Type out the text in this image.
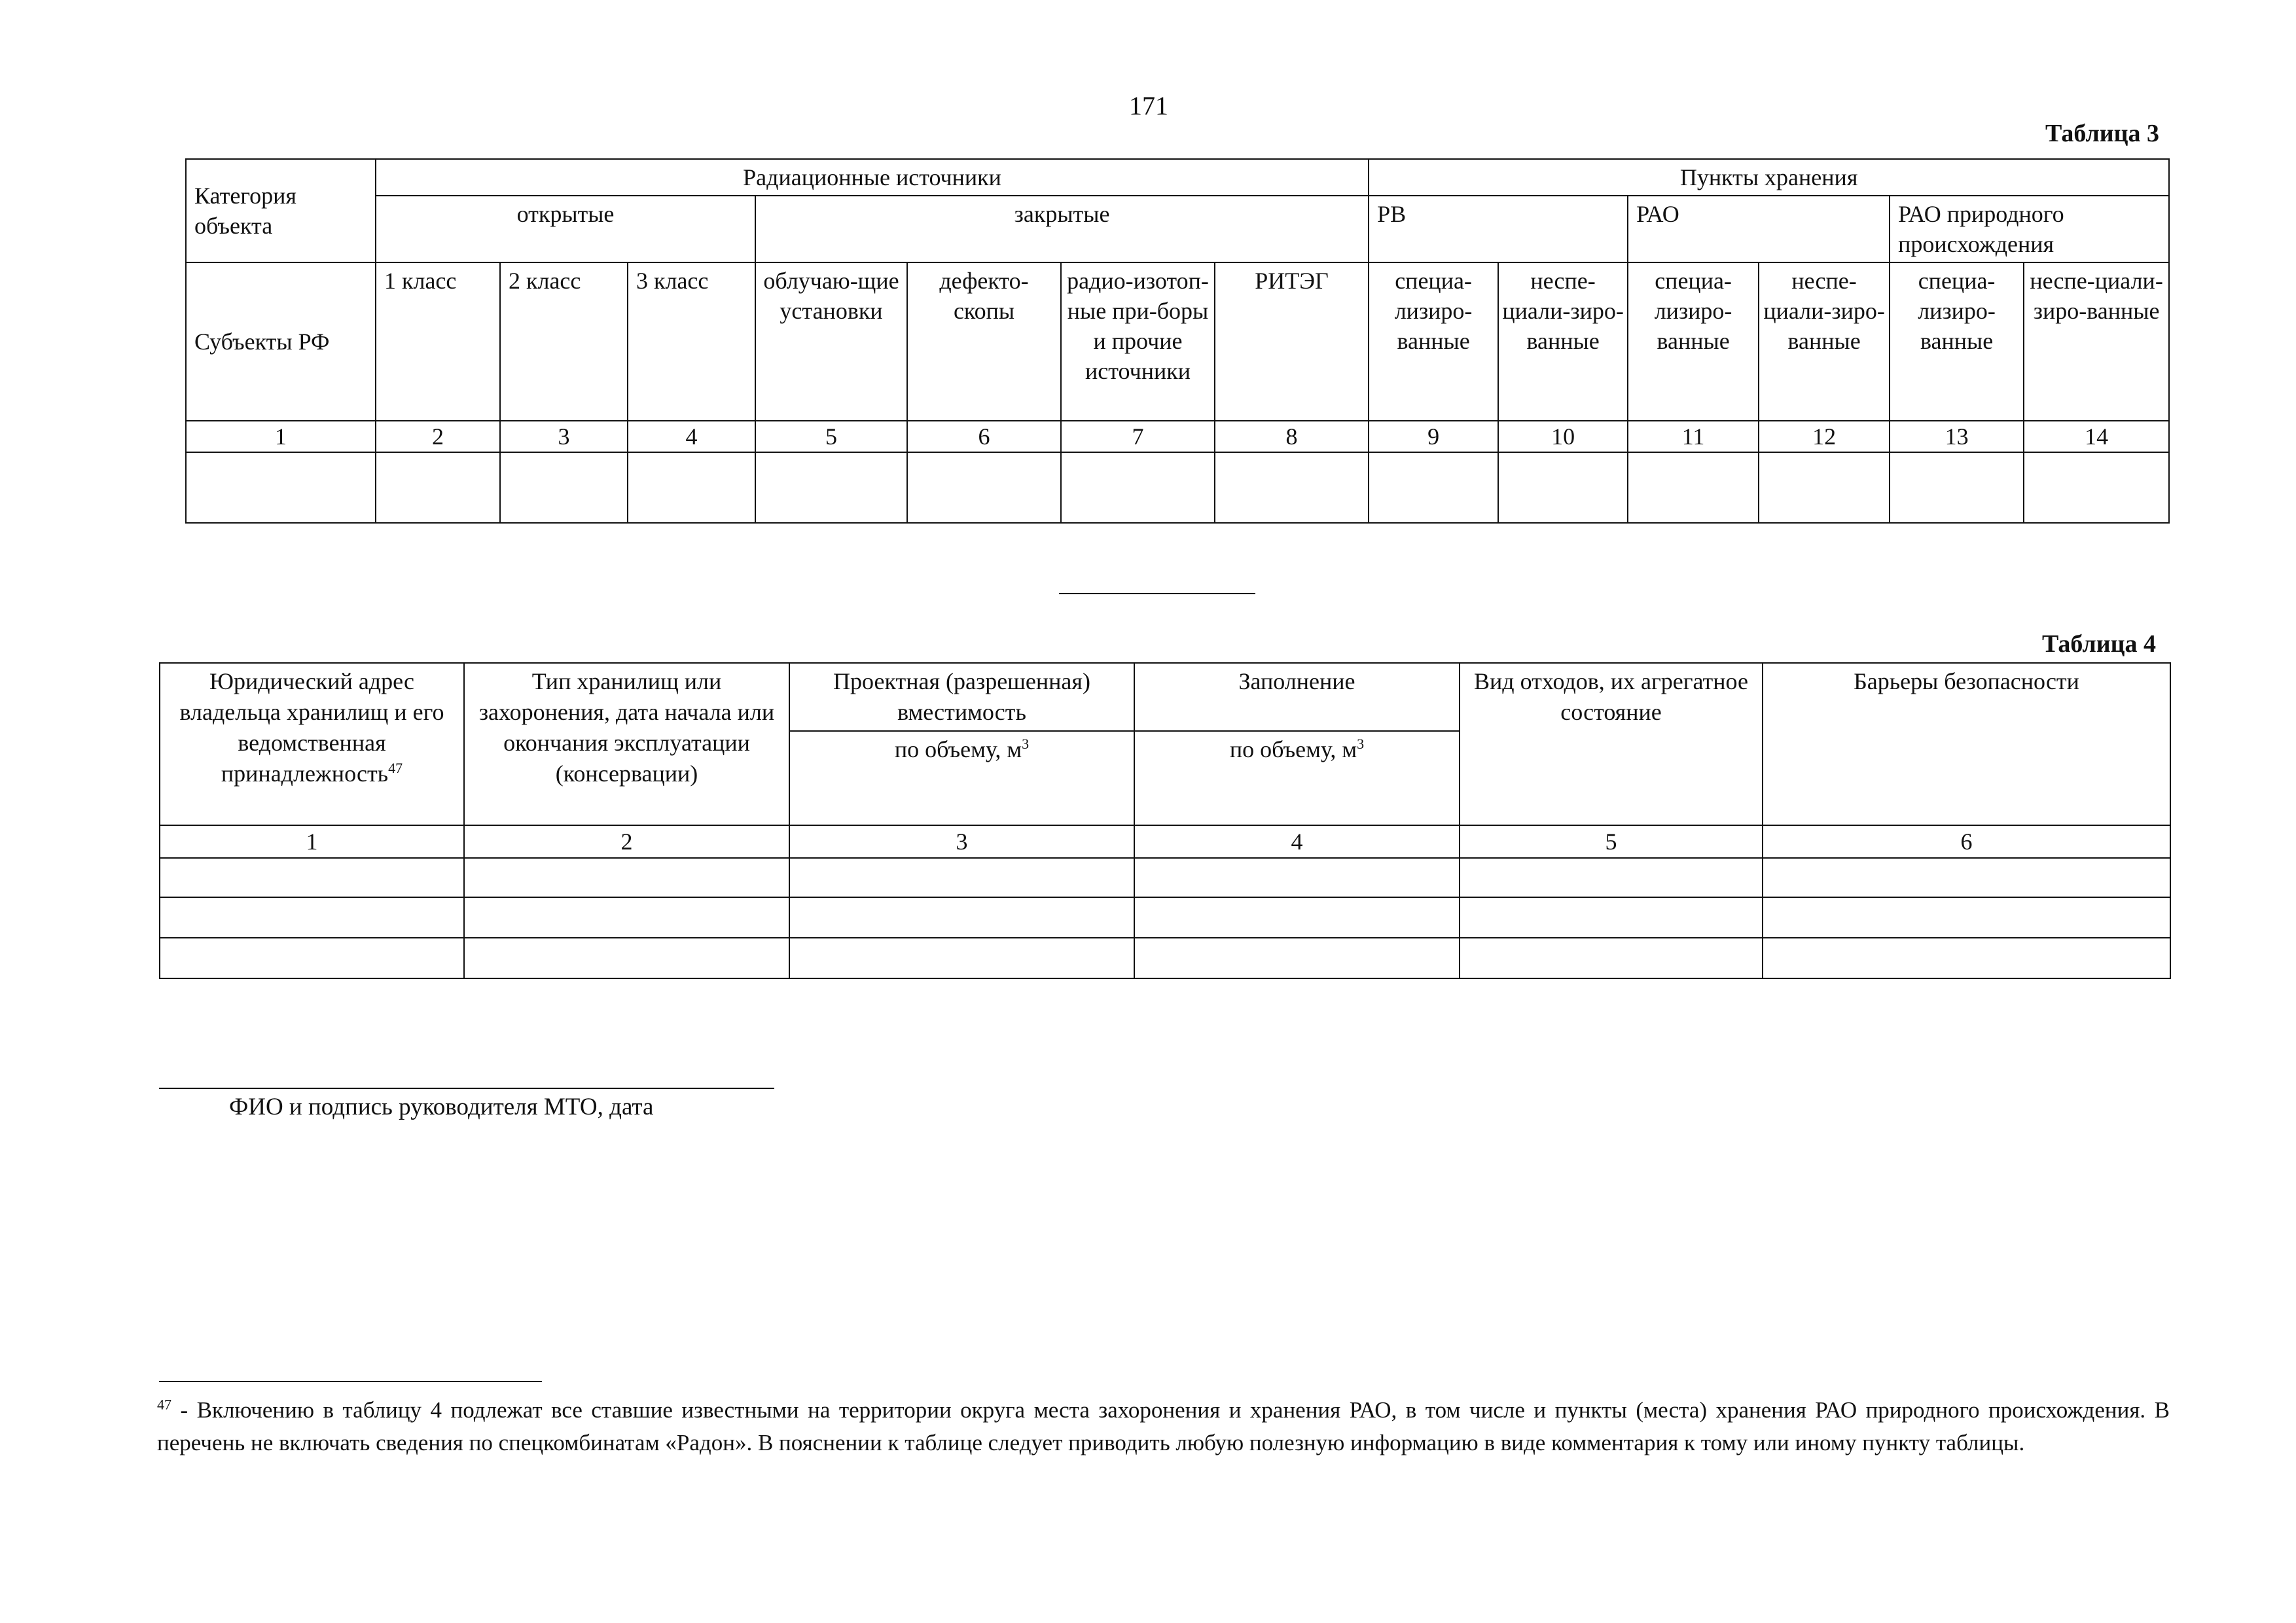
171
Таблица 3
Категория объекта	Радиационные источники							Пункты хранения					
	открытые			закрытые				РВ		РАО		РАО природного происхождения	
Субъекты РФ	1 класс	2 класс	3 класс	облучаю-щие установки	дефекто-скопы	радио-изотоп-ные при-боры и прочие источники	РИТЭГ	специа-лизиро-ванные	неспе-циали-зиро-ванные	специа-лизиро-ванные	неспе-циали-зиро-ванные	специа-лизиро-ванные	неспе-циали-зиро-ванные
1	2	3	4	5	6	7	8	9	10	11	12	13	14

Таблица 4
Юридический адрес владельца хранилищ и его ведомственная принадлежность$^{47}$	Тип хранилищ или захоронения, дата начала или окончания эксплуатации (консервации)	Проектная (разрешенная) вместимость	Заполнение	Вид отходов, их агрегатное состояние	Барьеры безопасности
		по объему, $м^3$	по объему, $м^3$
1	2	3	4	5	6

ФИО и подпись руководителя МТО, дата
$^{47}$ - Включению в таблицу 4 подлежат все ставшие известными на территории округа места захоронения и хранения РАО, в том числе и пункты (места) хранения РАО природного происхождения. В перечень не включать сведения по спецкомбинатам «Радон». В пояснении к таблице следует приводить любую полезную информацию в виде комментария к тому или иному пункту таблицы.
